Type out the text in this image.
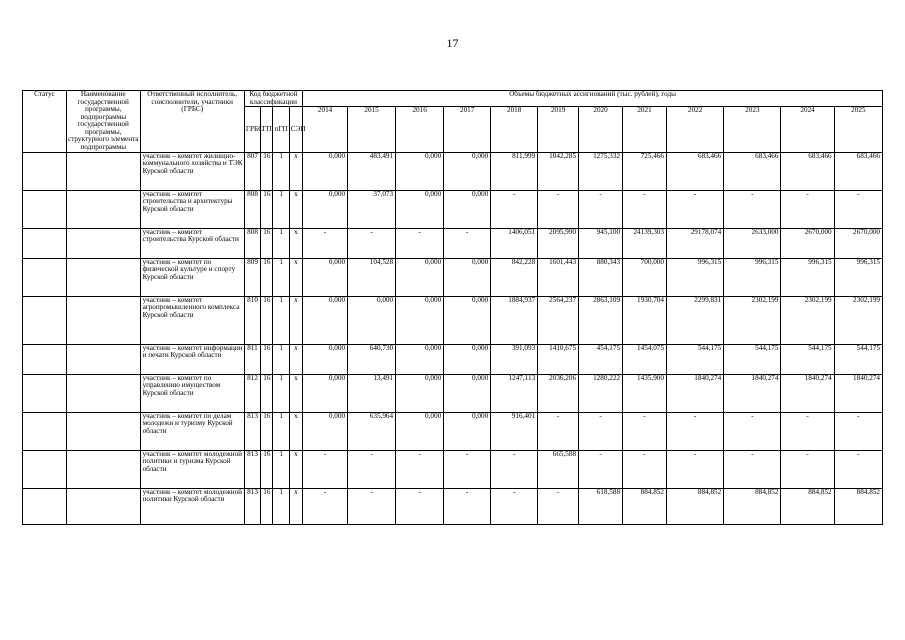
17
Статус	Наименование государственной программы, подпрограммы государственной программы, структурного элемента подпрограммы	Ответственный исполнитель, соисполнители, участники (ГРБС)	Код бюджетной классификации				Объемы бюджетных ассигнований (тыс. рублей), годы											
			ГРБС	ГП	пГП	СЭП	2014	2015	2016	2017	2018	2019	2020	2021	2022	2023	2024	2025

		участник – комитет жилищно-коммунального хозяйства и ТЭК Курской области	807	16	1	х	0,000	483,491	0,000	0,000	811,999	1042,285	1275,332	725,466	683,466	683,466	683,466	683,466
		участник – комитет строительства и архитектуры Курской области	808	16	1	х	0,000	37,073	0,000	0,000	-	-	-	-	-	-	-	-
		участник – комитет строительства Курской области	808	16	1	х	-	-	-	-	1406,051	2095,990	945,100	24139,303	29178,074	2633,000	2670,000	2670,000
		участник – комитет по физической культуре и спорту Курской области	809	16	1	х	0,000	104,528	0,000	0,000	842,228	1601,443	880,343	700,000	996,315	996,315	996,315	996,315
		участник – комитет агропромышленного комплекса Курской области	810	16	1	х	0,000	0,000	0,000	0,000	1884,937	2564,237	2863,109	1930,704	2299,831	2302,199	2302,199	2302,199
		участник – комитет информации и печати Курской области	811	16	1	х	0,000	640,730	0,000	0,000	391,093	1410,675	454,175	1454,075	544,175	544,175	544,175	544,175
		участник – комитет по управлению имуществом Курской области	812	16	1	х	0,000	13,491	0,000	0,000	1247,113	2036,206	1280,222	1435,900	1840,274	1840,274	1840,274	1840,274
		участник – комитет по делам молодежи и туризму Курской области	813	16	1	х	0,000	635,964	0,000	0,000	916,401	-	-	-	-	-	-	-
		участник – комитет молодежной политики и туризма Курской области	813	16	1	х	-	-	-	-	-	665,588	-	-	-	-	-	-
		участник – комитет молодежной политики Курской области	813	16	1	х	-	-	-	-	-	-	618,588	884,852	884,852	884,852	884,852	884,852
